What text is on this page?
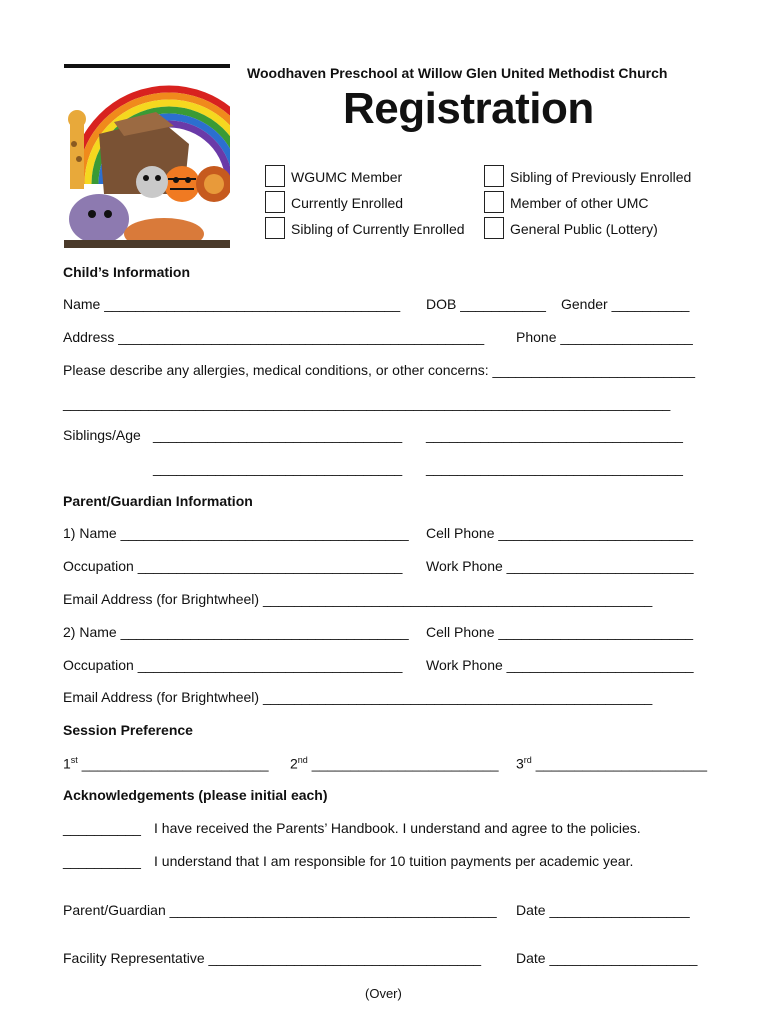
Woodhaven Preschool at Willow Glen United Methodist Church
Registration
WGUMC Member
Currently Enrolled
Sibling of Currently Enrolled
Sibling of Previously Enrolled
Member of other UMC
General Public (Lottery)
Child’s Information
Name ______________________________________ DOB ___________ Gender __________
Address _______________________________________________ Phone _________________
Please describe any allergies, medical conditions, or other concerns: __________________________
______________________________________________________________________________
Siblings/Age ________________________________ _________________________________
________________________________ _________________________________
Parent/Guardian Information
1) Name _____________________________________ Cell Phone _________________________
Occupation __________________________________ Work Phone ________________________
Email Address (for Brightwheel) __________________________________________________
2) Name _____________________________________ Cell Phone _________________________
Occupation __________________________________ Work Phone ________________________
Email Address (for Brightwheel) __________________________________________________
Session Preference
1st ________________________ 2nd ________________________ 3rd ______________________
Acknowledgements (please initial each)
__________ I have received the Parents’ Handbook. I understand and agree to the policies.
__________ I understand that I am responsible for 10 tuition payments per academic year.
Parent/Guardian __________________________________________ Date __________________
Facility Representative ___________________________________ Date ___________________
(Over)
